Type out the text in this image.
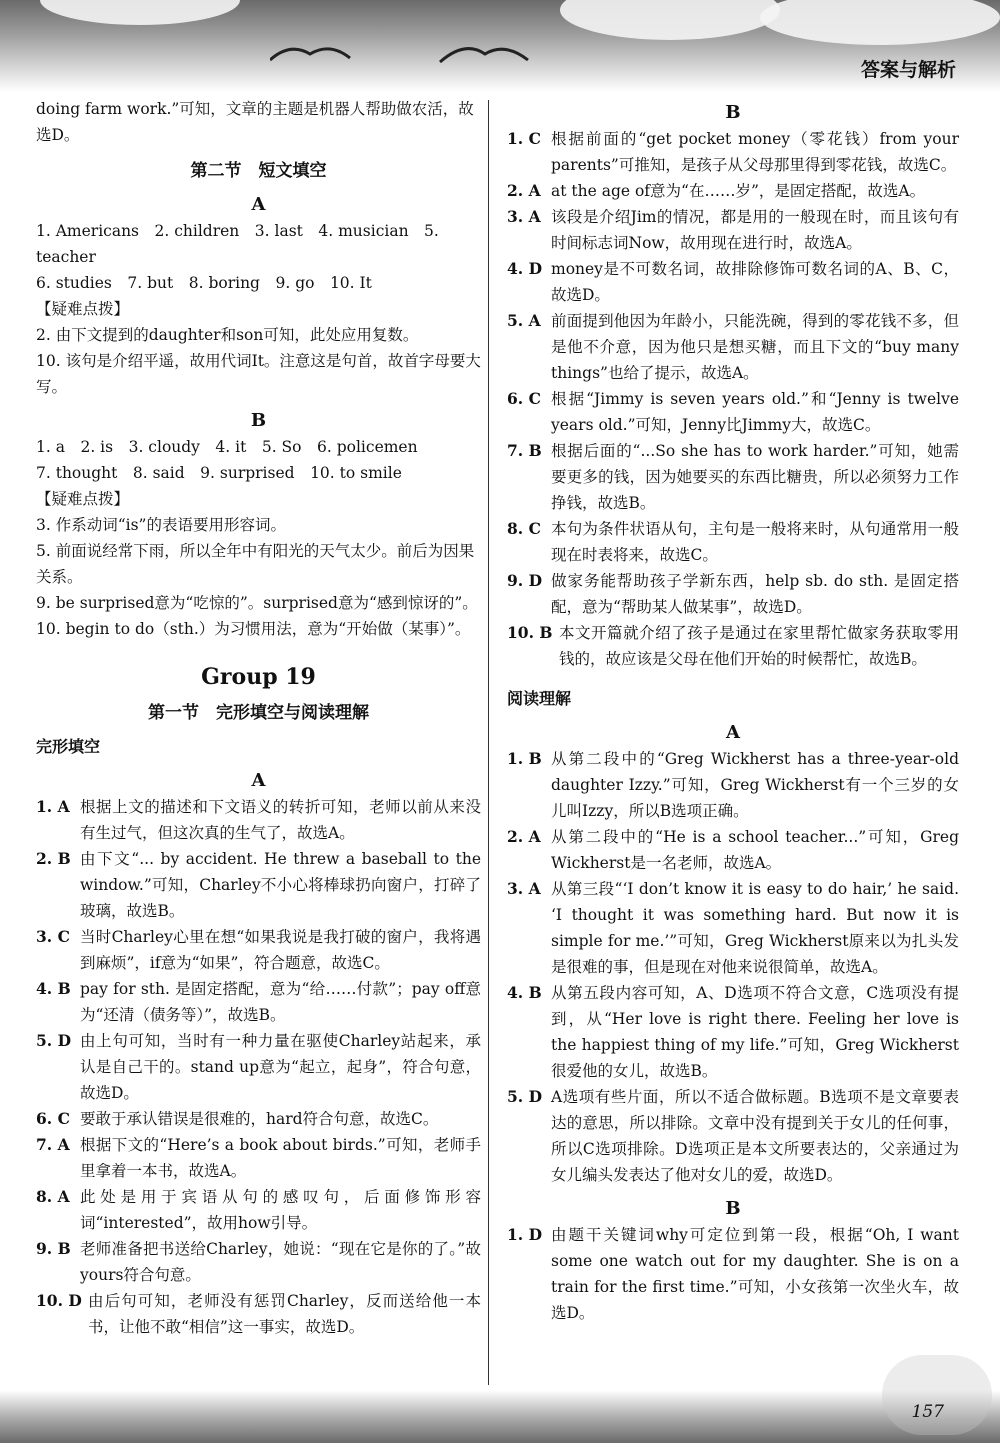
答案与解析

doing farm work.”可知，文章的主题是机器人帮助做农活，故选D。

第二节　短文填空
A

1. Americans　2. children　3. last　4. musician　5. teacher

6. studies　7. but　8. boring　9. go　10. It

【疑难点拨】

2. 由下文提到的daughter和son可知，此处应用复数。

10. 该句是介绍平遥，故用代词It。注意这是句首，故首字母要大写。

B

1. a　2. is　3. cloudy　4. it　5. So　6. policemen

7. thought　8. said　9. surprised　10. to smile

【疑难点拨】

3. 作系动词“is”的表语要用形容词。

5. 前面说经常下雨，所以全年中有阳光的天气太少。前后为因果关系。

9. be surprised意为“吃惊的”。surprised意为“感到惊讶的”。

10. begin to do（sth.）为习惯用法，意为“开始做（某事）”。

Group 19
第一节　完形填空与阅读理解
完形填空
A
1. A 根据上文的描述和下文语义的转折可知，老师以前从来没有生过气，但这次真的生气了，故选A。
2. B 由下文“... by accident. He threw a baseball to the window.”可知，Charley不小心将棒球扔向窗户，打碎了玻璃，故选B。
3. C 当时Charley心里在想“如果我说是我打破的窗户，我将遇到麻烦”，if意为“如果”，符合题意，故选C。
4. B pay for sth. 是固定搭配，意为“给……付款”；pay off意为“还清（债务等）”，故选B。
5. D 由上句可知，当时有一种力量在驱使Charley站起来，承认是自己干的。stand up意为“起立，起身”，符合句意，故选D。
6. C 要敢于承认错误是很难的，hard符合句意，故选C。
7. A 根据下文的“Here’s a book about birds.”可知，老师手里拿着一本书，故选A。
8. A 此处是用于宾语从句的感叹句，后面修饰形容词“interested”，故用how引导。
9. B 老师准备把书送给Charley，她说：“现在它是你的了。”故yours符合句意。
10. D 由后句可知，老师没有惩罚Charley，反而送给他一本书，让他不敢“相信”这一事实，故选D。
B
1. C 根据前面的“get pocket money（零花钱）from your parents”可推知，是孩子从父母那里得到零花钱，故选C。
2. A at the age of意为“在……岁”，是固定搭配，故选A。
3. A 该段是介绍Jim的情况，都是用的一般现在时，而且该句有时间标志词Now，故用现在进行时，故选A。
4. D money是不可数名词，故排除修饰可数名词的A、B、C，故选D。
5. A 前面提到他因为年龄小，只能洗碗，得到的零花钱不多，但是他不介意，因为他只是想买糖，而且下文的“buy many things”也给了提示，故选A。
6. C 根据“Jimmy is seven years old.”和“Jenny is twelve years old.”可知，Jenny比Jimmy大，故选C。
7. B 根据后面的“...So she has to work harder.”可知，她需要更多的钱，因为她要买的东西比糖贵，所以必须努力工作挣钱，故选B。
8. C 本句为条件状语从句，主句是一般将来时，从句通常用一般现在时表将来，故选C。
9. D 做家务能帮助孩子学新东西，help sb. do sth. 是固定搭配，意为“帮助某人做某事”，故选D。
10. B 本文开篇就介绍了孩子是通过在家里帮忙做家务获取零用钱的，故应该是父母在他们开始的时候帮忙，故选B。
阅读理解
A
1. B 从第二段中的“Greg Wickherst has a three-year-old daughter Izzy.”可知，Greg Wickherst有一个三岁的女儿叫Izzy，所以B选项正确。
2. A 从第二段中的“He is a school teacher...”可知，Greg Wickherst是一名老师，故选A。
3. A 从第三段“‘I don’t know it is easy to do hair,’ he said. ‘I thought it was something hard. But now it is simple for me.’”可知，Greg Wickherst原来以为扎头发是很难的事，但是现在对他来说很简单，故选A。
4. B 从第五段内容可知，A、D选项不符合文意，C选项没有提到，从“Her love is right there. Feeling her love is the happiest thing of my life.”可知，Greg Wickherst很爱他的女儿，故选B。
5. D A选项有些片面，所以不适合做标题。B选项不是文章要表达的意思，所以排除。文章中没有提到关于女儿的任何事，所以C选项排除。D选项正是本文所要表达的，父亲通过为女儿编头发表达了他对女儿的爱，故选D。
B
1. D 由题干关键词why可定位到第一段，根据“Oh, I want some one watch out for my daughter. She is on a train for the first time.”可知，小女孩第一次坐火车，故选D。
157
